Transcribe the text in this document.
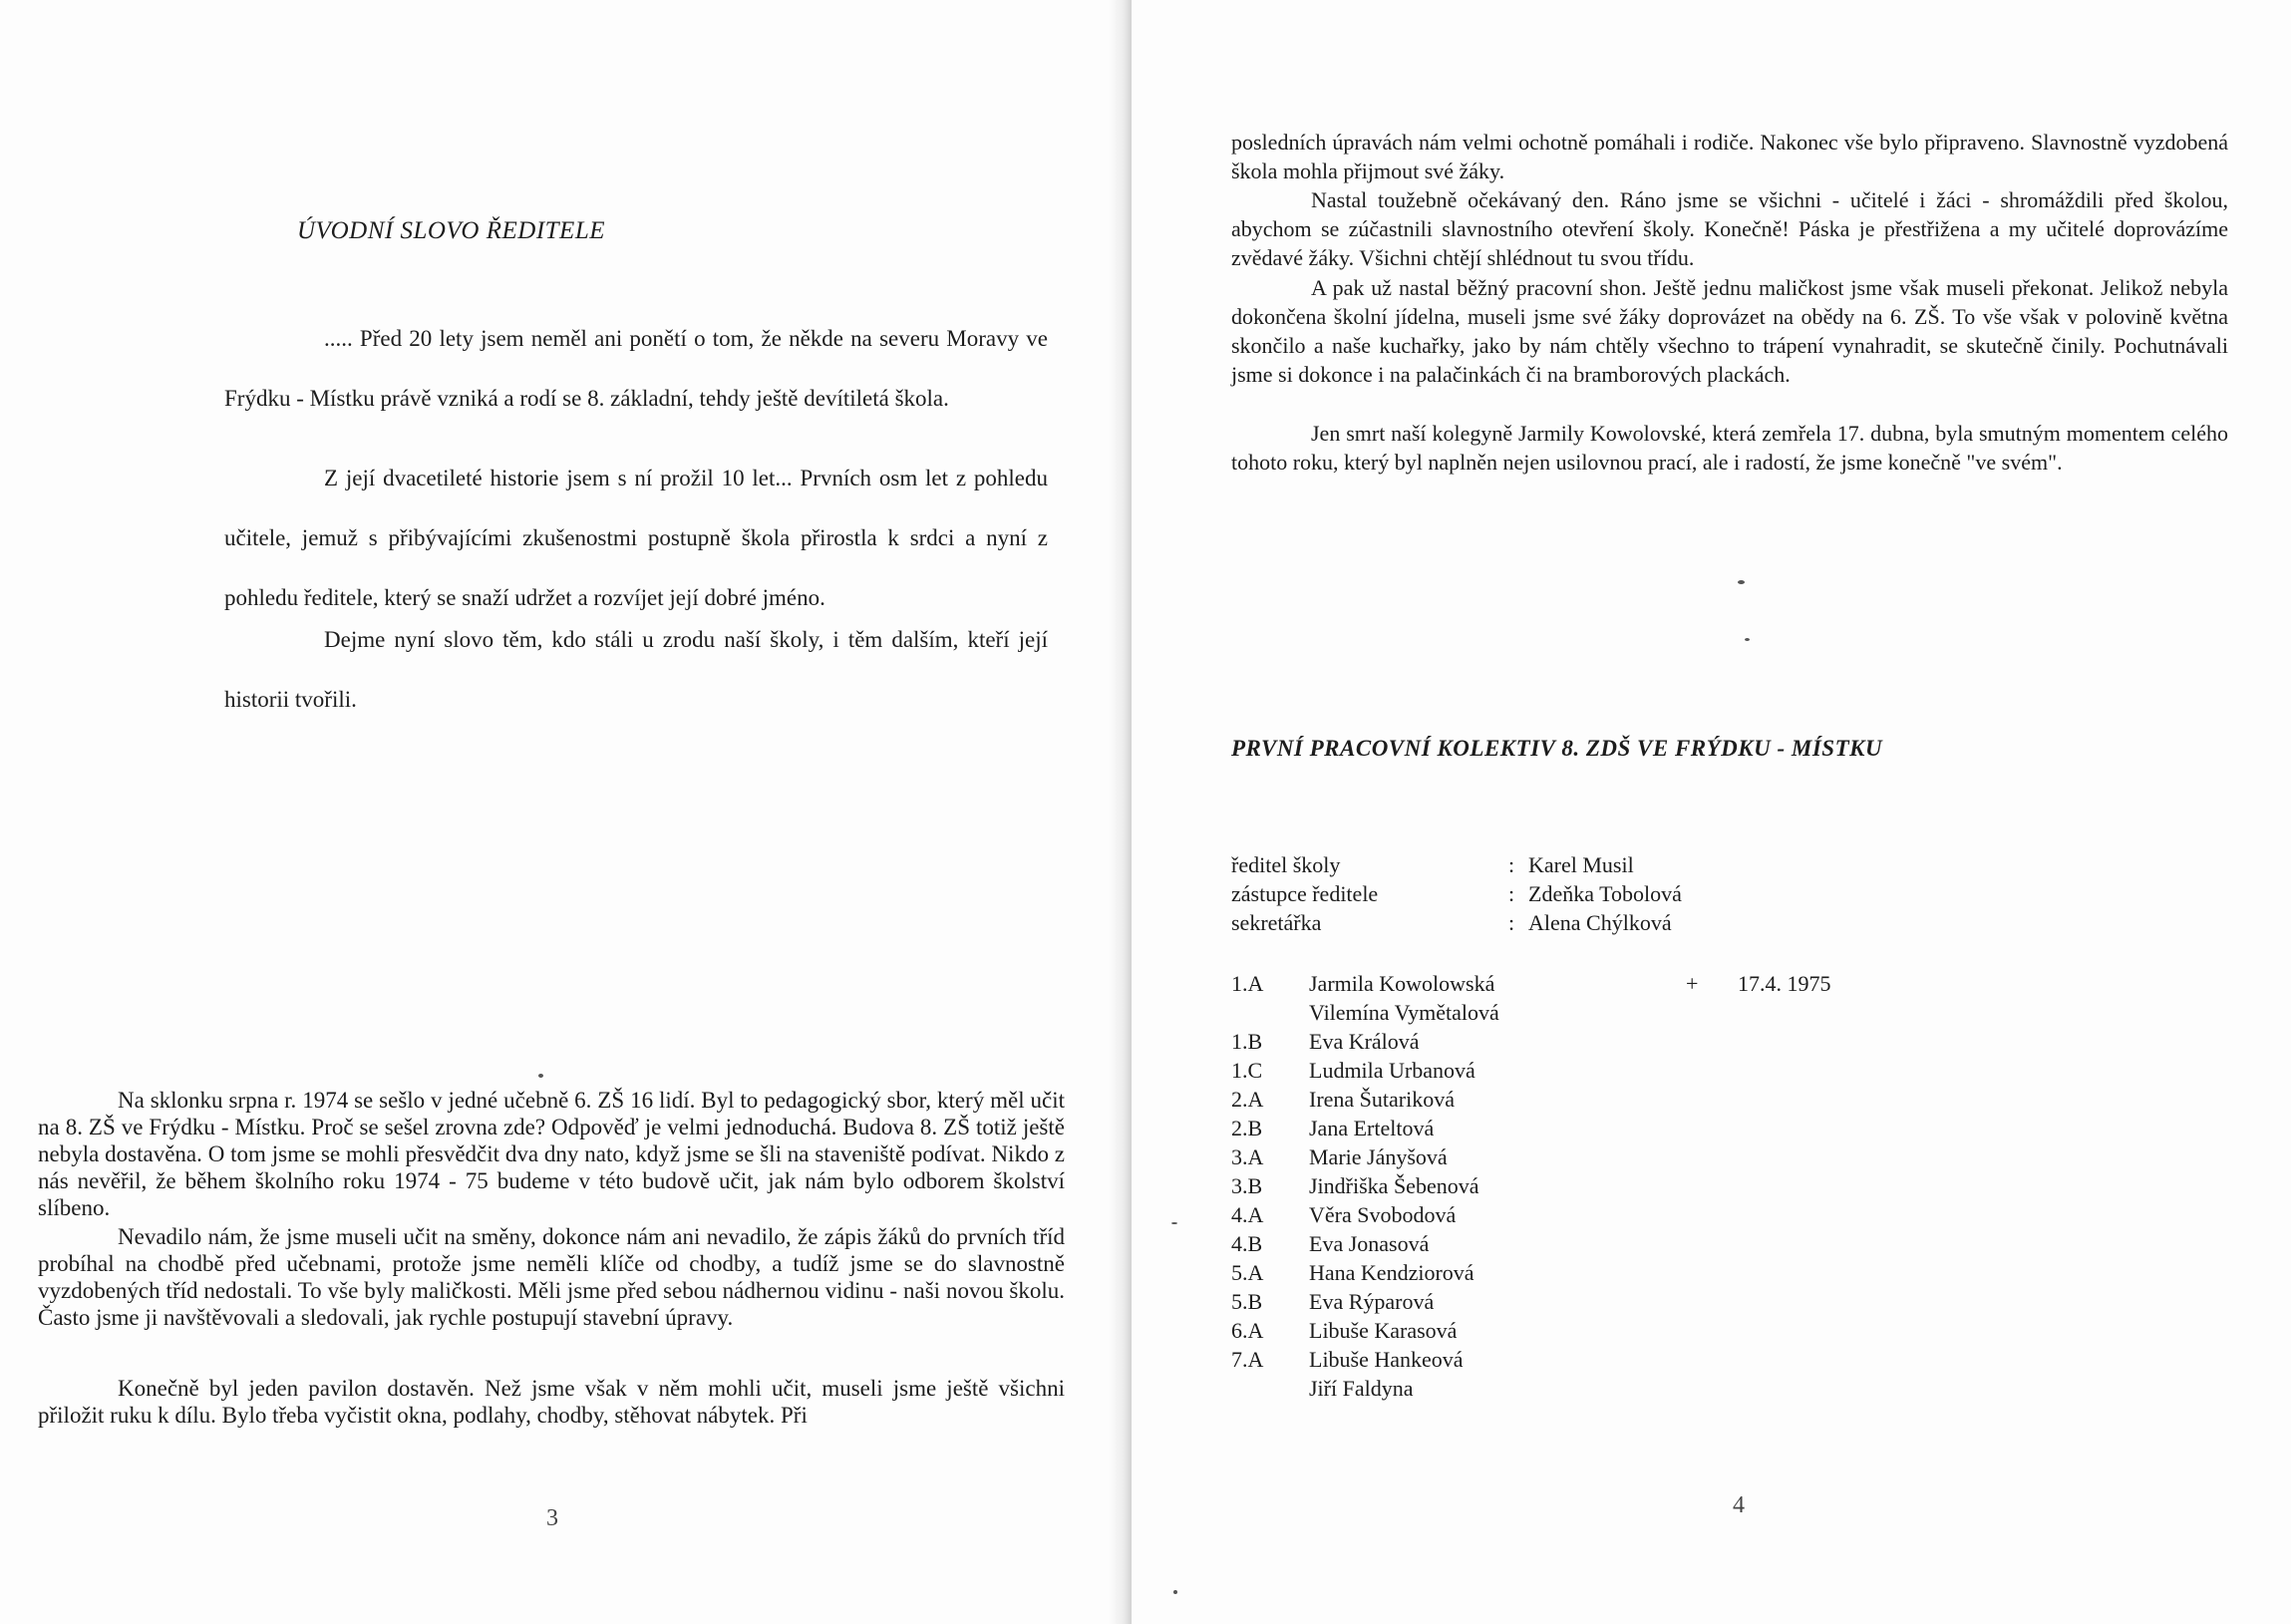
ÚVODNÍ SLOVO ŘEDITELE

..... Před 20 lety jsem neměl ani ponětí o tom, že někde na severu Moravy ve Frýdku - Místku právě vzniká a rodí se 8. základní, tehdy ještě devítiletá škola.

Z její dvacetileté historie jsem s ní prožil 10 let... Prvních osm let z pohledu učitele, jemuž s přibývajícími zkušenostmi postupně škola přirostla k srdci a nyní z pohledu ředitele, který se snaží udržet a rozvíjet její dobré jméno.

Dejme nyní slovo těm, kdo stáli u zrodu naší školy, i těm dalším, kteří její historii tvořili.

Na sklonku srpna r. 1974 se sešlo v jedné učebně 6. ZŠ 16 lidí. Byl to pedagogický sbor, který měl učit na 8. ZŠ ve Frýdku - Místku. Proč se sešel zrovna zde? Odpověď je velmi jednoduchá. Budova 8. ZŠ totiž ještě nebyla dostavěna. O tom jsme se mohli přesvědčit dva dny nato, když jsme se šli na staveniště podívat. Nikdo z nás nevěřil, že během školního roku 1974 - 75 budeme v této budově učit, jak nám bylo odborem školství slíbeno.

Nevadilo nám, že jsme museli učit na směny, dokonce nám ani nevadilo, že zápis žáků do prvních tříd probíhal na chodbě před učebnami, protože jsme neměli klíče od chodby, a tudíž jsme se do slavnostně vyzdobených tříd nedostali. To vše byly maličkosti. Měli jsme před sebou nádhernou vidinu - naši novou školu. Často jsme ji navštěvovali a sledovali, jak rychle postupují stavební úpravy.

Konečně byl jeden pavilon dostavěn. Než jsme však v něm mohli učit, museli jsme ještě všichni přiložit ruku k dílu. Bylo třeba vyčistit okna, podlahy, chodby, stěhovat nábytek. Při

3

posledních úpravách nám velmi ochotně pomáhali i rodiče. Nakonec vše bylo připraveno. Slavnostně vyzdobená škola mohla přijmout své žáky.

Nastal toužebně očekávaný den. Ráno jsme se všichni - učitelé i žáci - shromáždili před školou, abychom se zúčastnili slavnostního otevření školy. Konečně! Páska je přestřižena a my učitelé doprovázíme zvědavé žáky. Všichni chtějí shlédnout tu svou třídu.

A pak už nastal běžný pracovní shon. Ještě jednu maličkost jsme však museli překonat. Jelikož nebyla dokončena školní jídelna, museli jsme své žáky doprovázet na obědy na 6. ZŠ. To vše však v polovině května skončilo a naše kuchařky, jako by nám chtěly všechno to trápení vynahradit, se skutečně činily. Pochutnávali jsme si dokonce i na palačinkách či na bramborových plackách.

Jen smrt naší kolegyně Jarmily Kowolovské, která zemřela 17. dubna, byla smutným momentem celého tohoto roku, který byl naplněn nejen usilovnou prací, ale i radostí, že jsme konečně "ve svém".

PRVNÍ PRACOVNÍ KOLEKTIV 8. ZDŠ VE FRÝDKU - MÍSTKU
ředitel školy	: Karel Musil
zástupce ředitele	: Zdeňka Tobolová
sekretářka	: Alena Chýlková
1.A	Jarmila Kowolowská	+	17.4. 1975
Vilemína Vymětalová
1.B	Eva Králová
1.C	Ludmila Urbanová
2.A	Irena Šutariková
2.B	Jana Erteltová
3.A	Marie Jányšová
3.B	Jindřiška Šebenová
4.A	Věra Svobodová
4.B	Eva Jonasová
5.A	Hana Kendziorová
5.B	Eva Rýparová
6.A	Libuše Karasová
7.A	Libuše Hankeová
Jiří Faldyna
4
